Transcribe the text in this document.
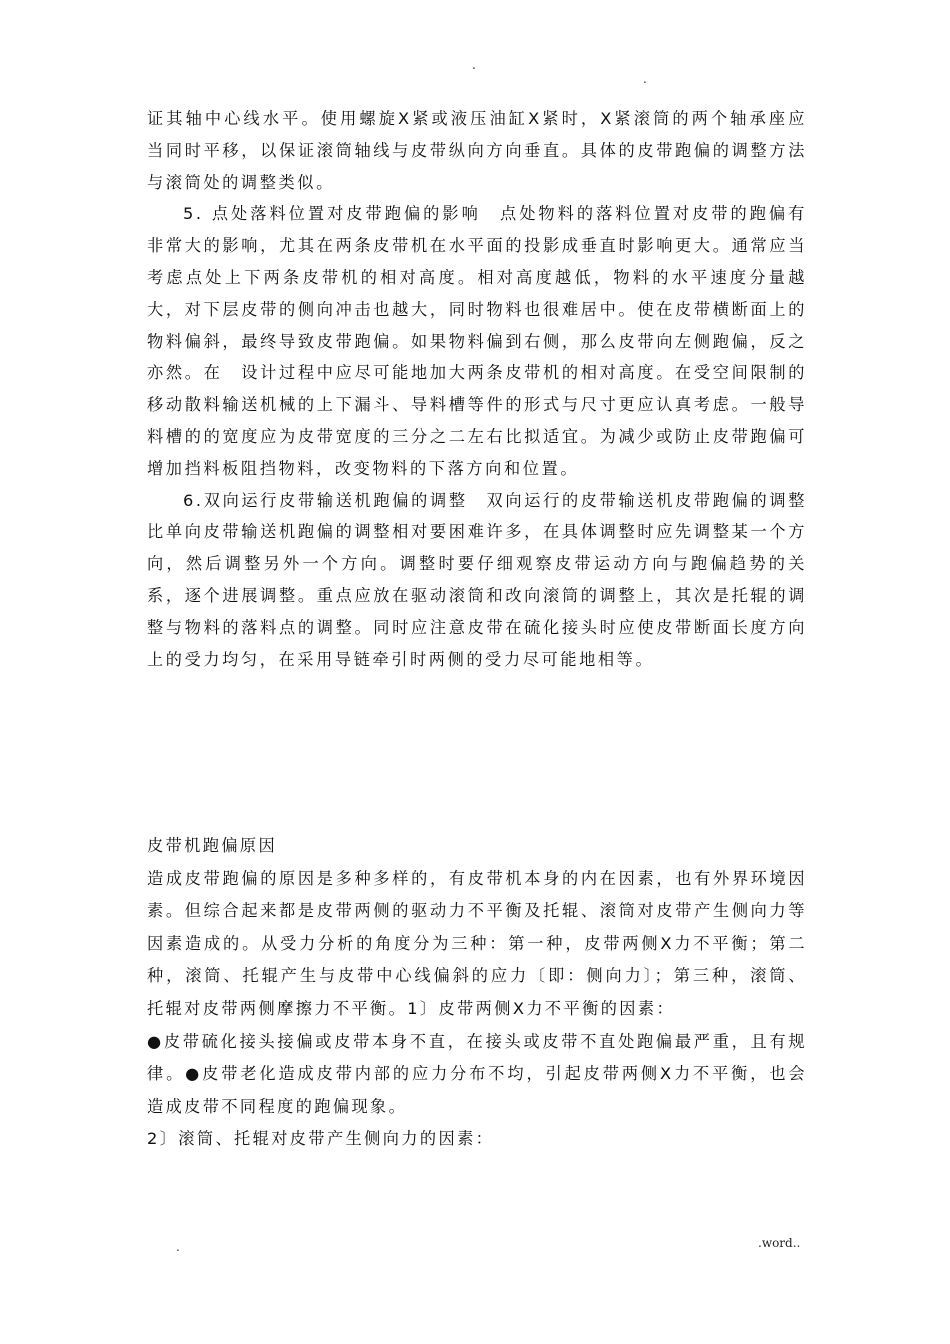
.
.

证其轴中心线水平。使用螺旋X紧或液压油缸X紧时，X紧滚筒的两个轴承座应当同时平移，以保证滚筒轴线与皮带纵向方向垂直。具体的皮带跑偏的调整方法与滚筒处的调整类似。

5. 点处落料位置对皮带跑偏的影响　点处物料的落料位置对皮带的跑偏有非常大的影响，尤其在两条皮带机在水平面的投影成垂直时影响更大。通常应当考虑点处上下两条皮带机的相对高度。相对高度越低，物料的水平速度分量越大，对下层皮带的侧向冲击也越大，同时物料也很难居中。使在皮带横断面上的物料偏斜，最终导致皮带跑偏。如果物料偏到右侧，那么皮带向左侧跑偏，反之亦然。在　设计过程中应尽可能地加大两条皮带机的相对高度。在受空间限制的移动散料输送机械的上下漏斗、导料槽等件的形式与尺寸更应认真考虑。一般导料槽的的宽度应为皮带宽度的三分之二左右比拟适宜。为减少或防止皮带跑偏可增加挡料板阻挡物料，改变物料的下落方向和位置。

6.双向运行皮带输送机跑偏的调整　双向运行的皮带输送机皮带跑偏的调整比单向皮带输送机跑偏的调整相对要困难许多，在具体调整时应先调整某一个方向，然后调整另外一个方向。调整时要仔细观察皮带运动方向与跑偏趋势的关系，逐个进展调整。重点应放在驱动滚筒和改向滚筒的调整上，其次是托辊的调整与物料的落料点的调整。同时应注意皮带在硫化接头时应使皮带断面长度方向上的受力均匀，在采用导链牵引时两侧的受力尽可能地相等。

皮带机跑偏原因

造成皮带跑偏的原因是多种多样的，有皮带机本身的内在因素，也有外界环境因素。但综合起来都是皮带两侧的驱动力不平衡及托辊、滚筒对皮带产生侧向力等因素造成的。从受力分析的角度分为三种：第一种，皮带两侧X力不平衡；第二种，滚筒、托辊产生与皮带中心线偏斜的应力〔即：侧向力〕；第三种，滚筒、托辊对皮带两侧摩擦力不平衡。1〕皮带两侧X力不平衡的因素：

●皮带硫化接头接偏或皮带本身不直，在接头或皮带不直处跑偏最严重，且有规律。●皮带老化造成皮带内部的应力分布不均，引起皮带两侧X力不平衡，也会造成皮带不同程度的跑偏现象。

2〕滚筒、托辊对皮带产生侧向力的因素：

.	.word..
